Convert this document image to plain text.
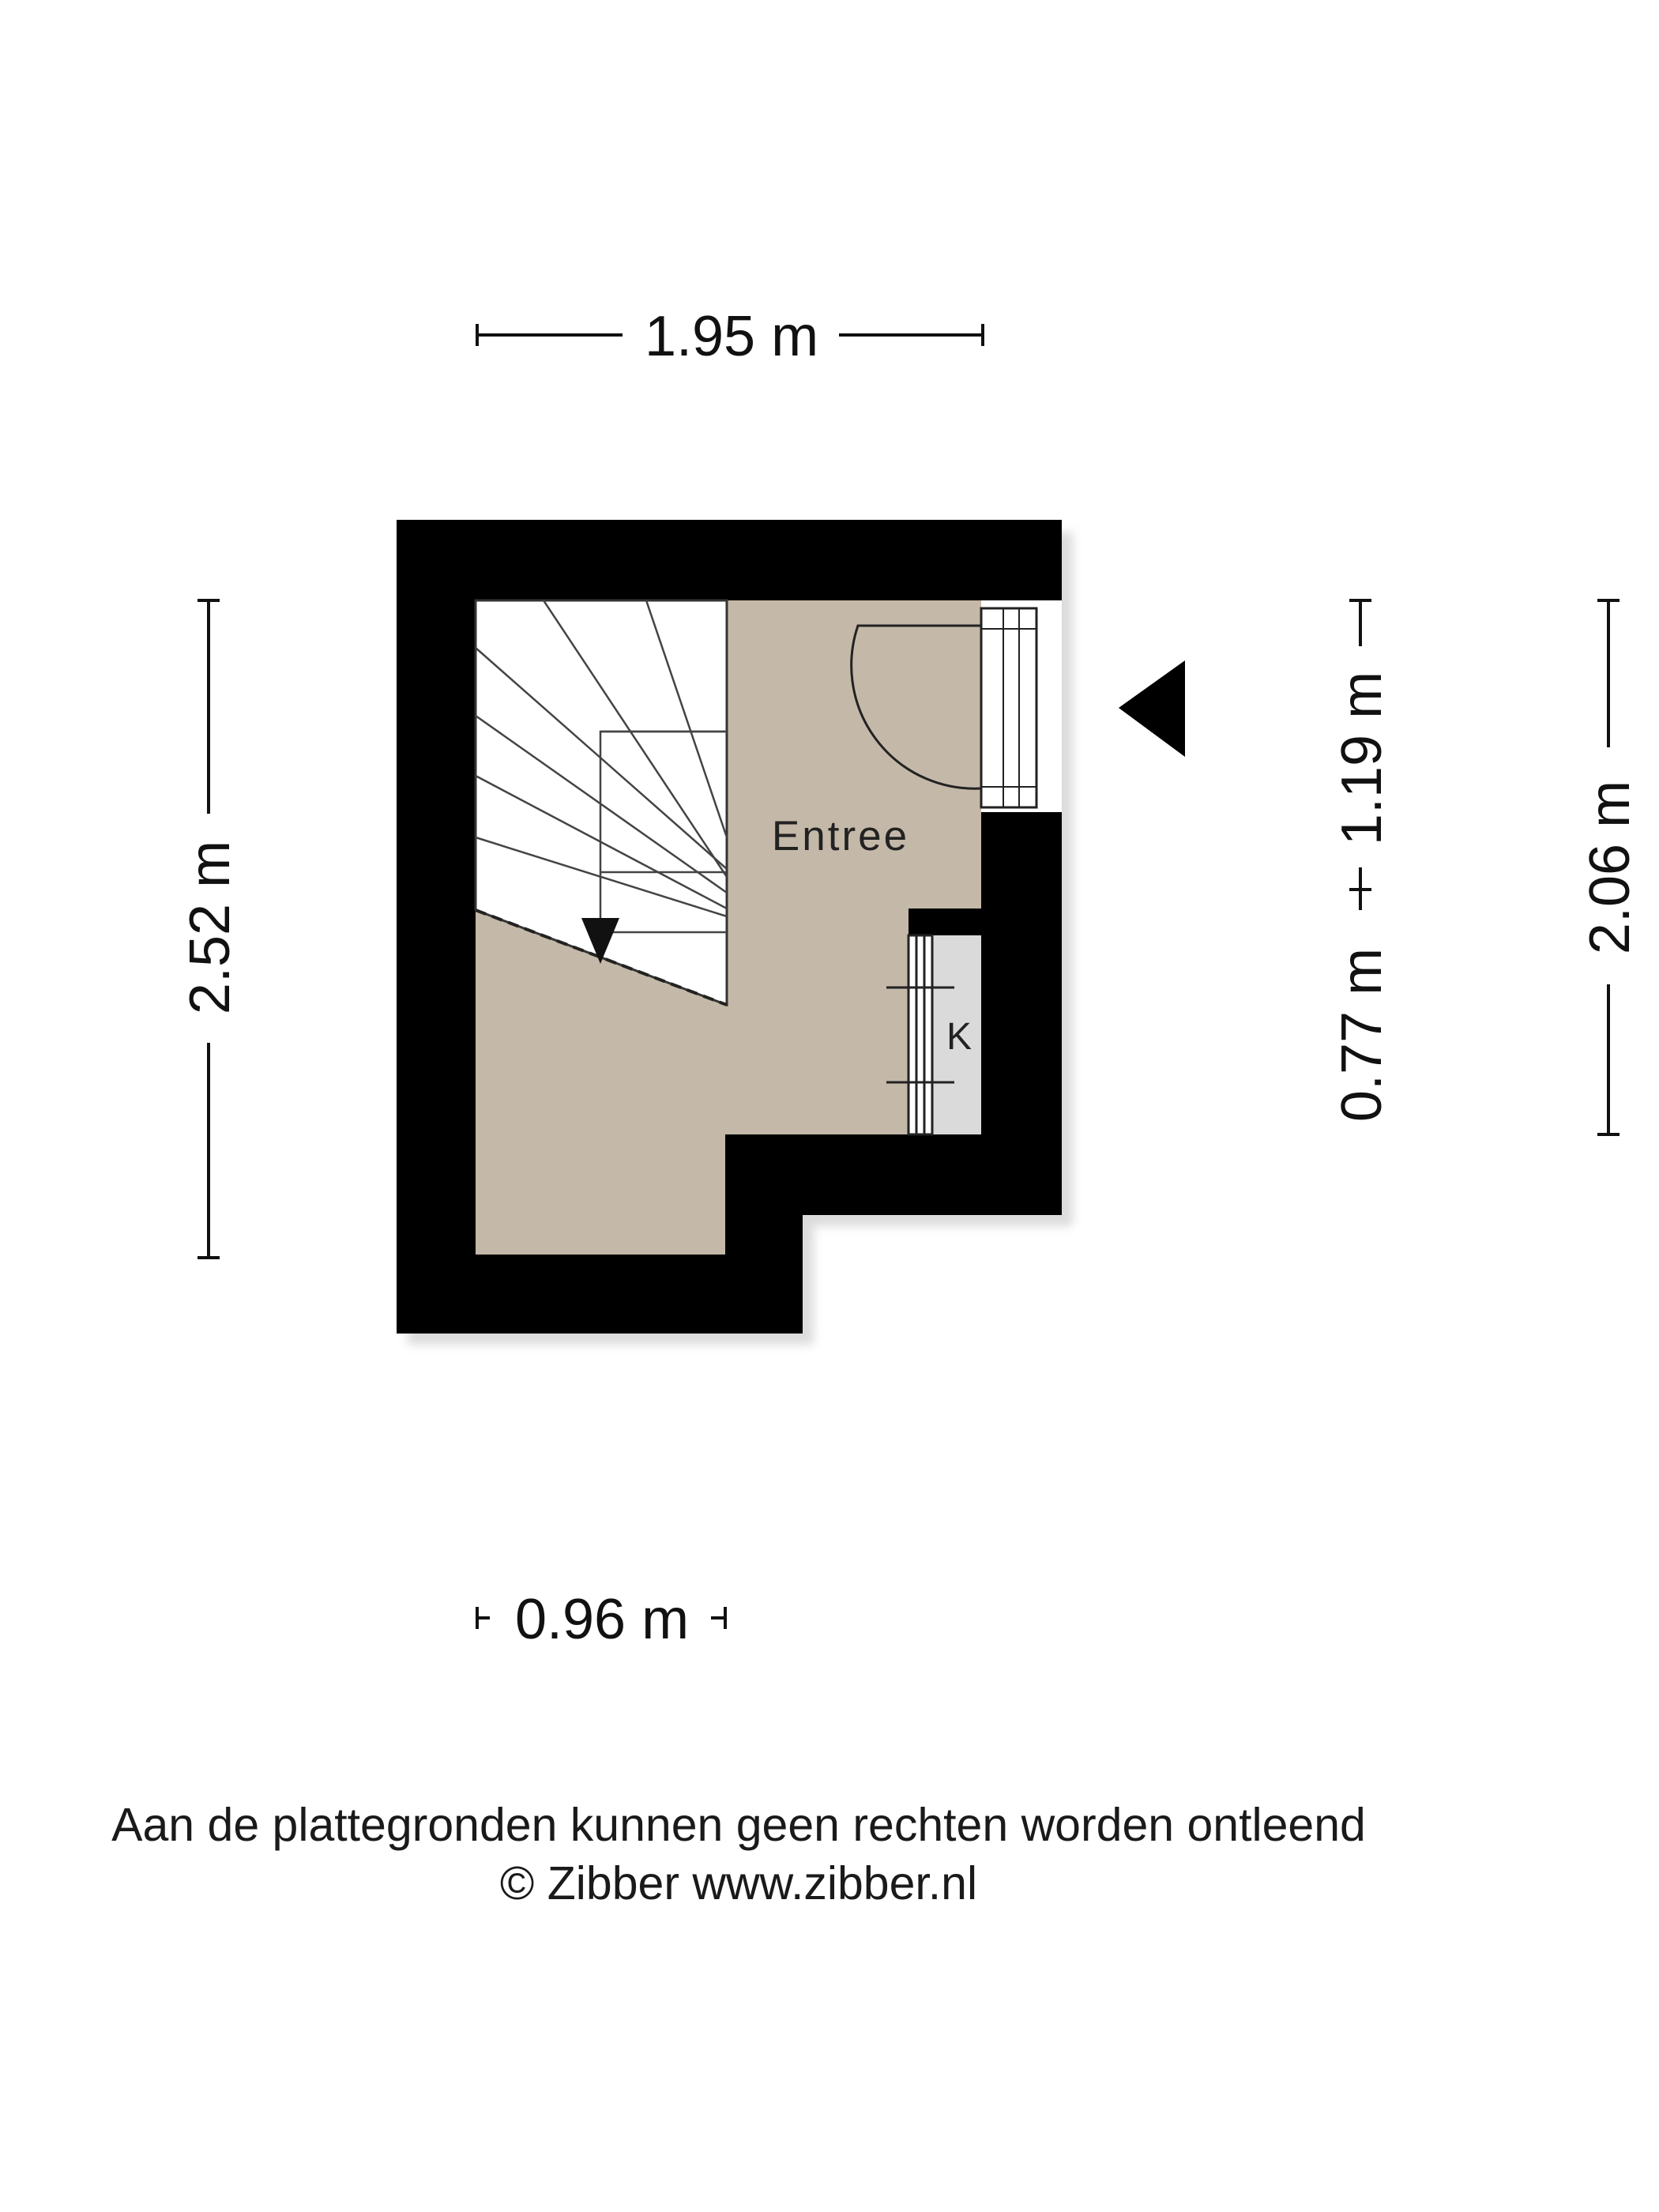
1.95 m
2.52 m
1.19 m
0.77 m
2.06 m
0.96 m
K
Entree
Aan de plattegronden kunnen geen rechten worden ontleend
© Zibber www.zibber.nl
